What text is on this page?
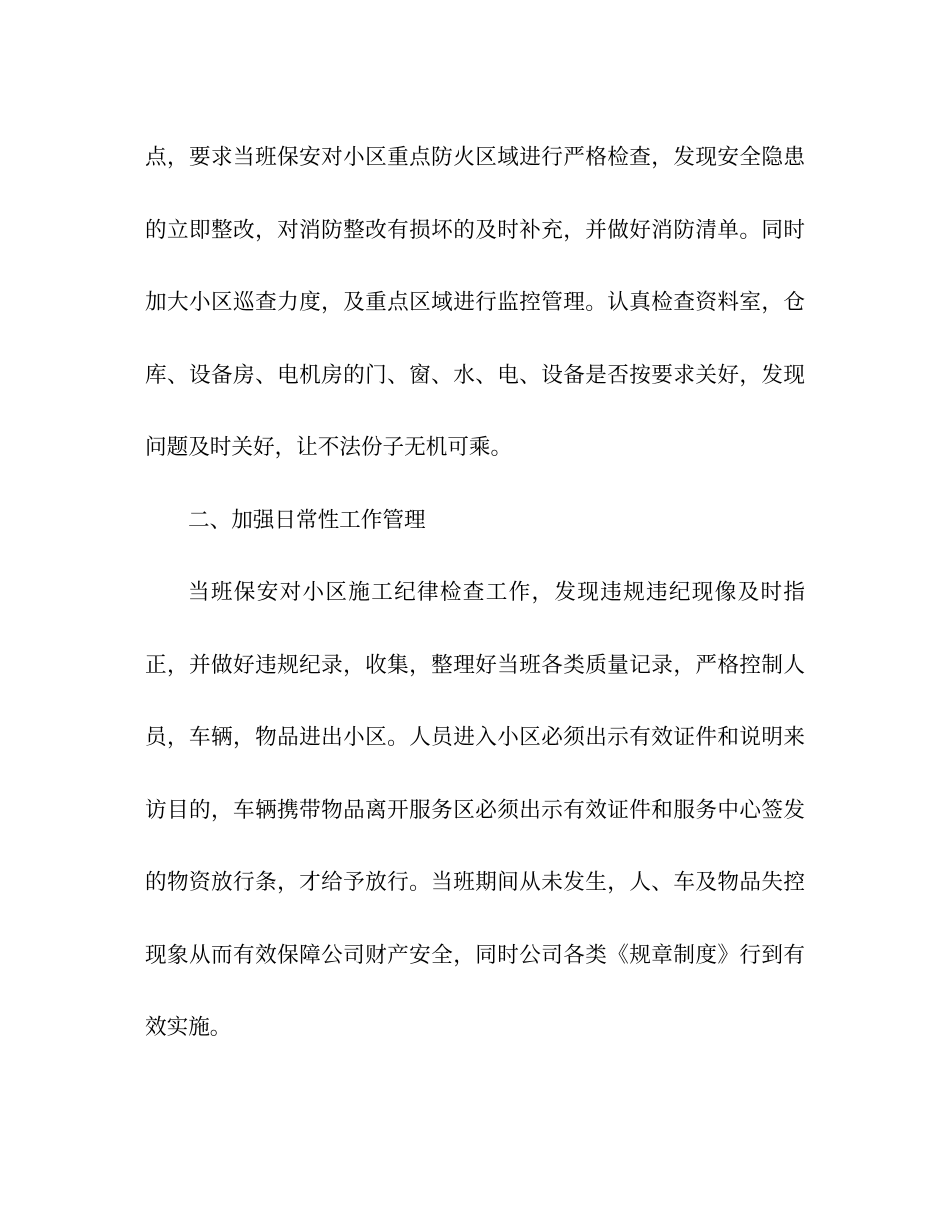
点，要求当班保安对小区重点防火区域进行严格检查，发现安全隐患
的立即整改，对消防整改有损坏的及时补充，并做好消防清单。同时
加大小区巡查力度，及重点区域进行监控管理。认真检查资料室，仓
库、设备房、电机房的门、窗、水、电、设备是否按要求关好，发现
问题及时关好，让不法份子无机可乘。
二、加强日常性工作管理
当班保安对小区施工纪律检查工作，发现违规违纪现像及时指
正，并做好违规纪录，收集，整理好当班各类质量记录，严格控制人
员，车辆，物品进出小区。人员进入小区必须出示有效证件和说明来
访目的，车辆携带物品离开服务区必须出示有效证件和服务中心签发
的物资放行条，才给予放行。当班期间从未发生，人、车及物品失控
现象从而有效保障公司财产安全，同时公司各类《规章制度》行到有
效实施。
